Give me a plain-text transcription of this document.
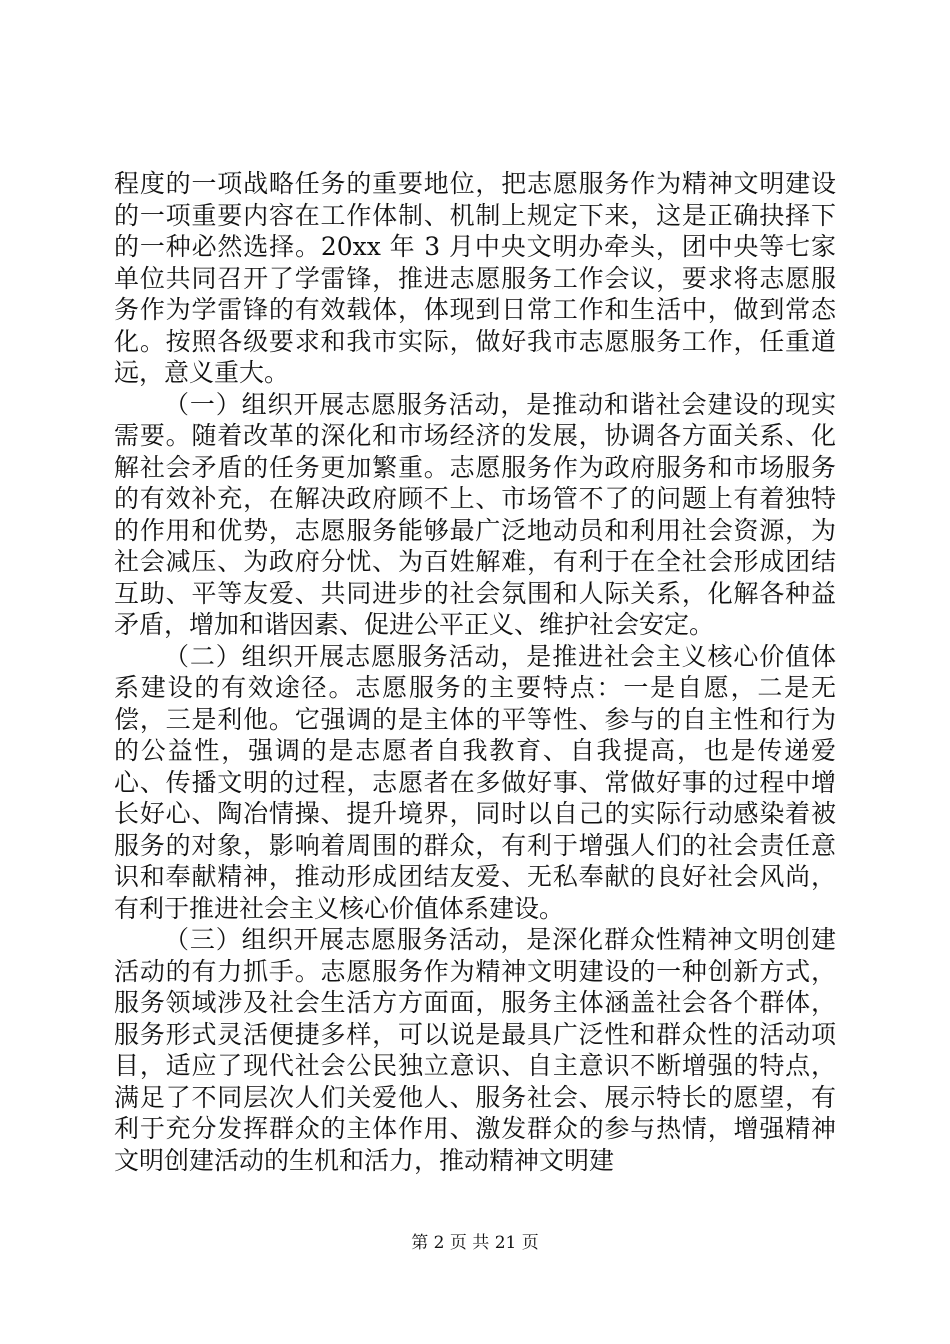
程度的一项战略任务的重要地位，把志愿服务作为精神文明建设的一项重要内容在工作体制、机制上规定下来，这是正确抉择下的一种必然选择。20xx 年 3 月中央文明办牵头，团中央等七家单位共同召开了学雷锋，推进志愿服务工作会议，要求将志愿服务作为学雷锋的有效载体，体现到日常工作和生活中，做到常态化。按照各级要求和我市实际，做好我市志愿服务工作，任重道远，意义重大。

（一）组织开展志愿服务活动，是推动和谐社会建设的现实需要。随着改革的深化和市场经济的发展，协调各方面关系、化解社会矛盾的任务更加繁重。志愿服务作为政府服务和市场服务的有效补充，在解决政府顾不上、市场管不了的问题上有着独特的作用和优势，志愿服务能够最广泛地动员和利用社会资源，为社会减压、为政府分忧、为百姓解难，有利于在全社会形成团结互助、平等友爱、共同进步的社会氛围和人际关系，化解各种益矛盾，增加和谐因素、促进公平正义、维护社会安定。

（二）组织开展志愿服务活动，是推进社会主义核心价值体系建设的有效途径。志愿服务的主要特点：一是自愿，二是无偿，三是利他。它强调的是主体的平等性、参与的自主性和行为的公益性，强调的是志愿者自我教育、自我提高，也是传递爱心、传播文明的过程，志愿者在多做好事、常做好事的过程中增长好心、陶冶情操、提升境界，同时以自己的实际行动感染着被服务的对象，影响着周围的群众，有利于增强人们的社会责任意识和奉献精神，推动形成团结友爱、无私奉献的良好社会风尚，有利于推进社会主义核心价值体系建设。

（三）组织开展志愿服务活动，是深化群众性精神文明创建活动的有力抓手。志愿服务作为精神文明建设的一种创新方式，服务领域涉及社会生活方方面面，服务主体涵盖社会各个群体，服务形式灵活便捷多样，可以说是最具广泛性和群众性的活动项目，适应了现代社会公民独立意识、自主意识不断增强的特点，满足了不同层次人们关爱他人、服务社会、展示特长的愿望，有利于充分发挥群众的主体作用、激发群众的参与热情，增强精神文明创建活动的生机和活力，推动精神文明建

第 2 页 共 21 页
